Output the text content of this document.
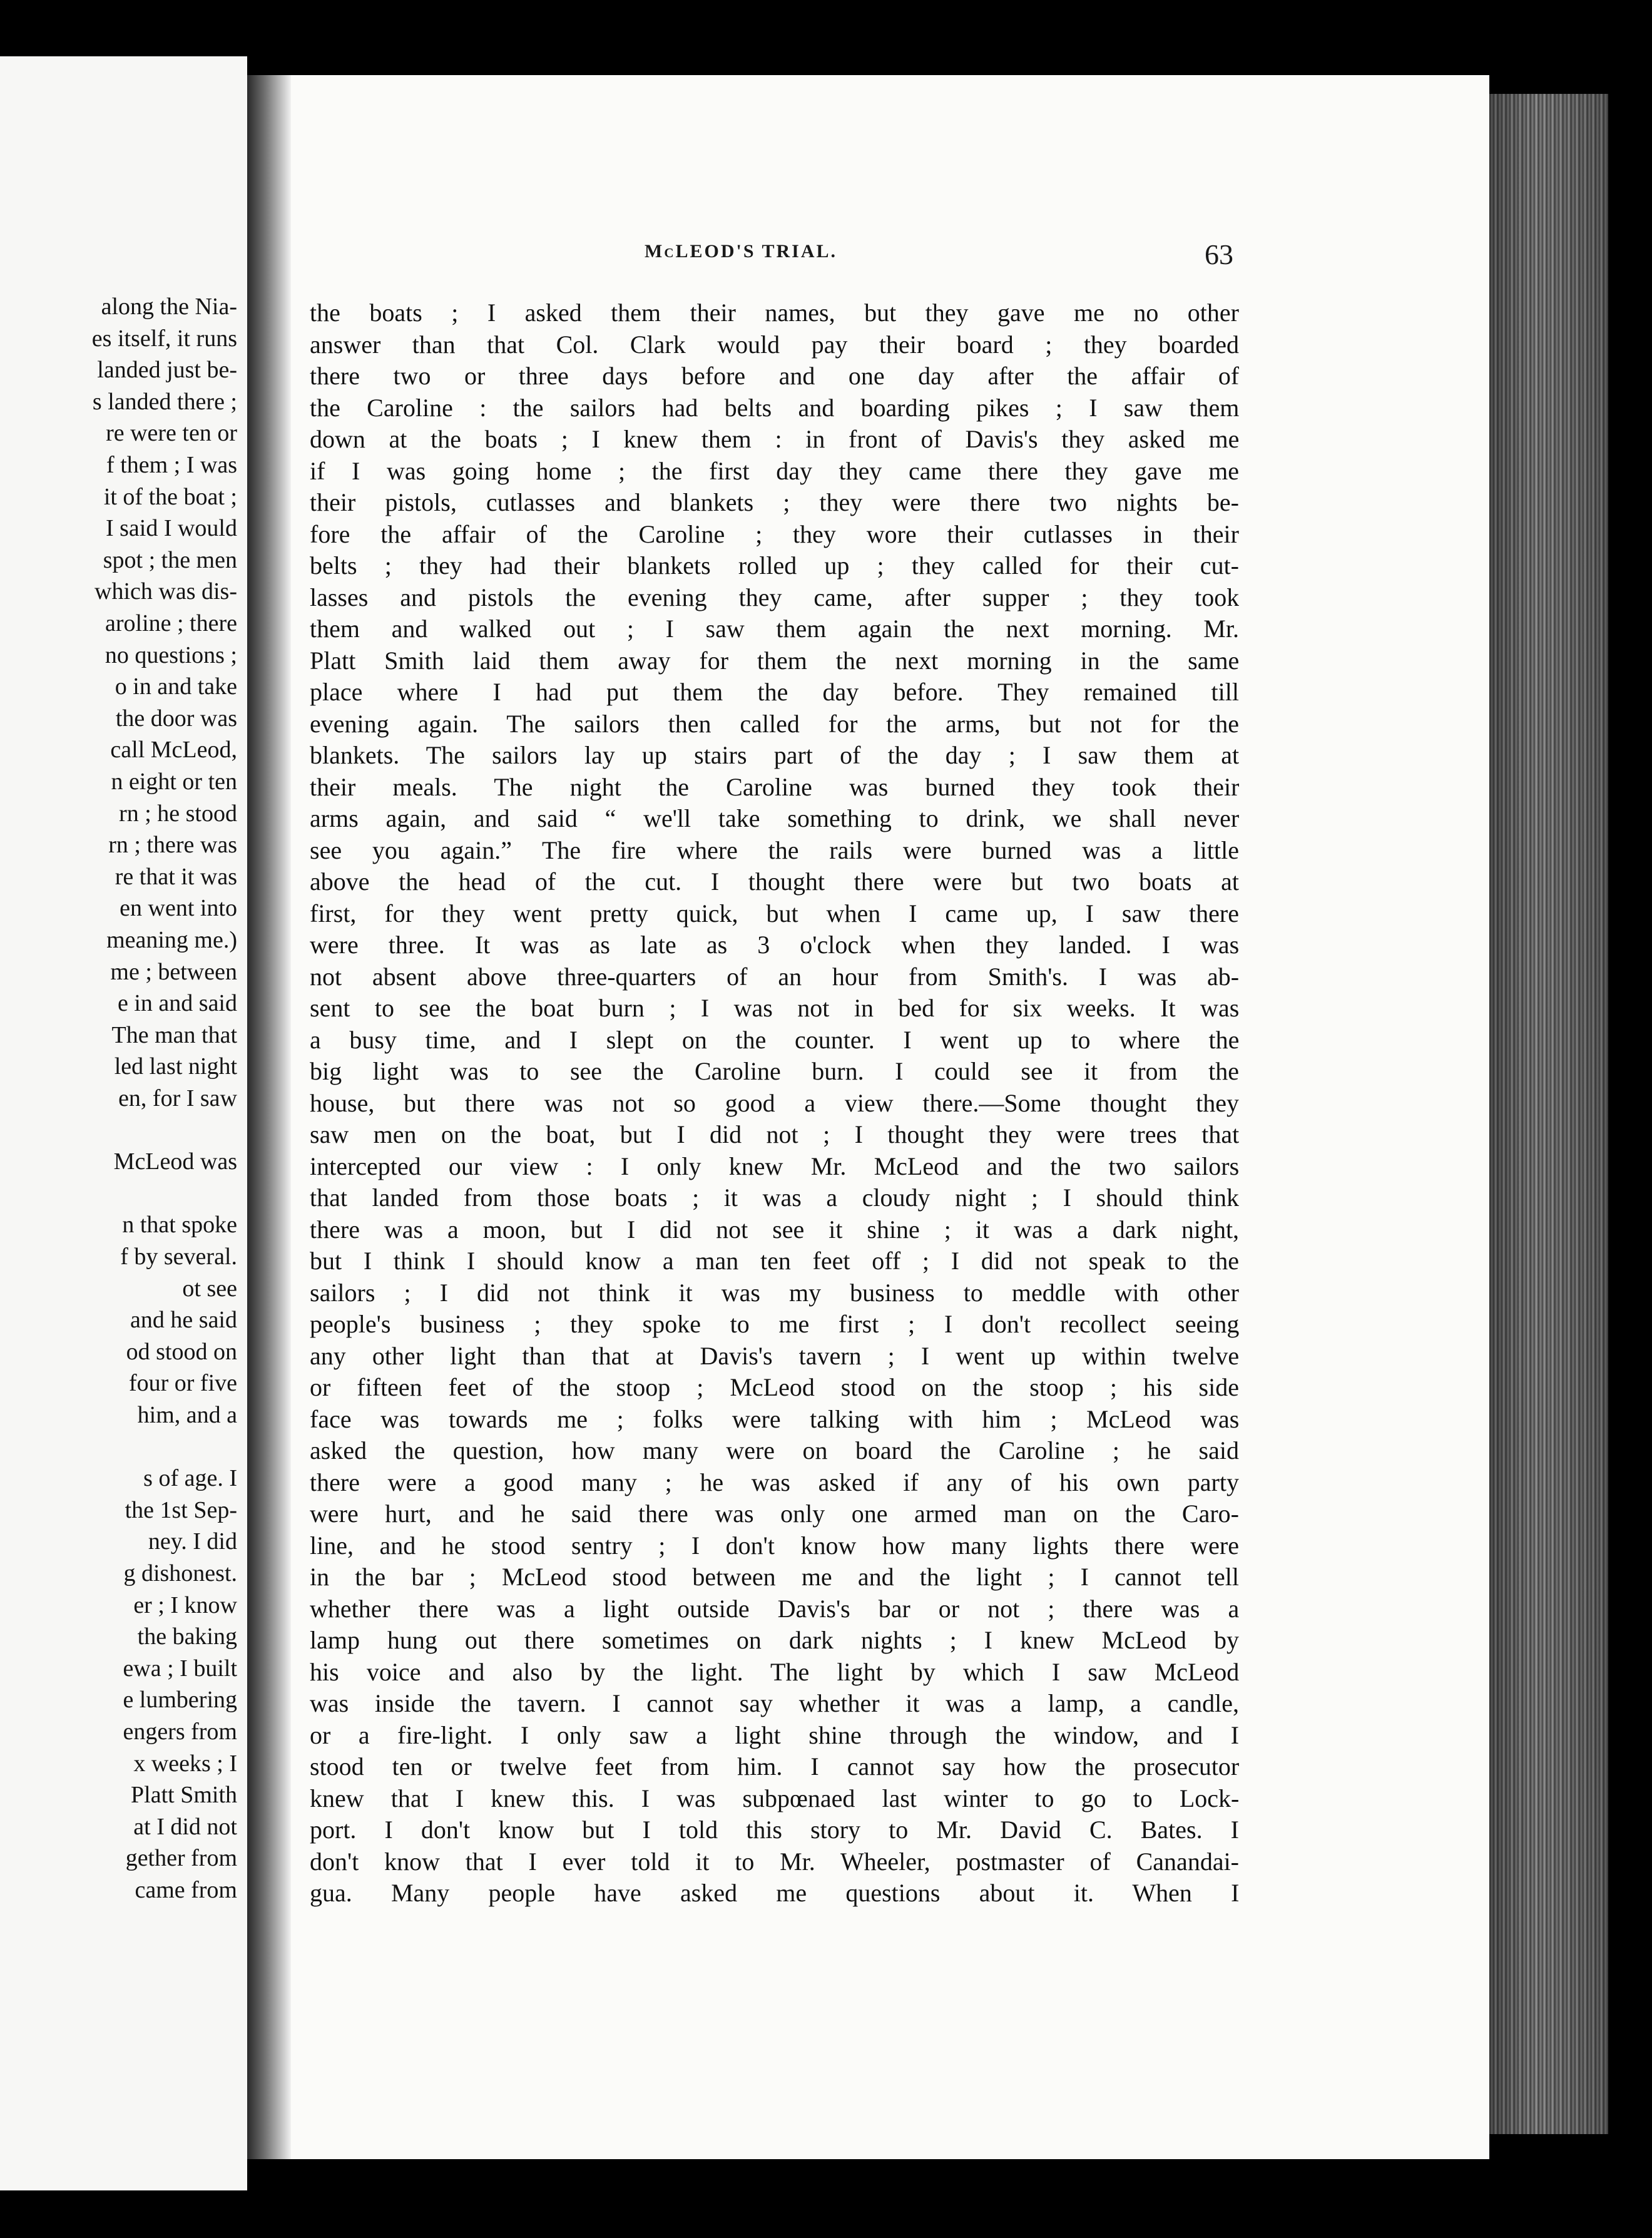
along the Nia-
es itself, it runs
landed just be-
s landed there ;
re were ten or
f them ; I was
it of the boat ;
I said I would
spot ; the men
which was dis-
aroline ; there
no questions ;
o in and take
the door was
call McLeod,
n eight or ten
rn ; he stood
rn ; there was
re that it was
en went into
meaning me.)
me ; between
e in and said
The man that
led last night
en, for I saw
McLeod was
n that spoke
f by several.
ot see
and he said
od stood on
four or five
him, and a
s of age. I
the 1st Sep-
ney. I did
g dishonest.
er ; I know
the baking
ewa ; I built
e lumbering
engers from
x weeks ; I
Platt Smith
at I did not
gether from
came from
McLEOD'S TRIAL.	63
the boats ; I asked them their names, but they gave me no other
answer than that Col. Clark would pay their board ; they boarded
there two or three days before and one day after the affair of
the Caroline : the sailors had belts and boarding pikes ; I saw them
down at the boats ; I knew them : in front of Davis's they asked me
if I was going home ; the first day they came there they gave me
their pistols, cutlasses and blankets ; they were there two nights be-
fore the affair of the Caroline ; they wore their cutlasses in their
belts ; they had their blankets rolled up ; they called for their cut-
lasses and pistols the evening they came, after supper ; they took
them and walked out ; I saw them again the next morning. Mr.
Platt Smith laid them away for them the next morning in the same
place where I had put them the day before. They remained till
evening again. The sailors then called for the arms, but not for the
blankets. The sailors lay up stairs part of the day ; I saw them at
their meals. The night the Caroline was burned they took their
arms again, and said “ we'll take something to drink, we shall never
see you again.” The fire where the rails were burned was a little
above the head of the cut. I thought there were but two boats at
first, for they went pretty quick, but when I came up, I saw there
were three. It was as late as 3 o'clock when they landed. I was
not absent above three-quarters of an hour from Smith's. I was ab-
sent to see the boat burn ; I was not in bed for six weeks. It was
a busy time, and I slept on the counter. I went up to where the
big light was to see the Caroline burn. I could see it from the
house, but there was not so good a view there.—Some thought they
saw men on the boat, but I did not ; I thought they were trees that
intercepted our view : I only knew Mr. McLeod and the two sailors
that landed from those boats ; it was a cloudy night ; I should think
there was a moon, but I did not see it shine ; it was a dark night,
but I think I should know a man ten feet off ; I did not speak to the
sailors ; I did not think it was my business to meddle with other
people's business ; they spoke to me first ; I don't recollect seeing
any other light than that at Davis's tavern ; I went up within twelve
or fifteen feet of the stoop ; McLeod stood on the stoop ; his side
face was towards me ; folks were talking with him ; McLeod was
asked the question, how many were on board the Caroline ; he said
there were a good many ; he was asked if any of his own party
were hurt, and he said there was only one armed man on the Caro-
line, and he stood sentry ; I don't know how many lights there were
in the bar ; McLeod stood between me and the light ; I cannot tell
whether there was a light outside Davis's bar or not ; there was a
lamp hung out there sometimes on dark nights ; I knew McLeod by
his voice and also by the light. The light by which I saw McLeod
was inside the tavern. I cannot say whether it was a lamp, a candle,
or a fire-light. I only saw a light shine through the window, and I
stood ten or twelve feet from him. I cannot say how the prosecutor
knew that I knew this. I was subpœnaed last winter to go to Lock-
port. I don't know but I told this story to Mr. David C. Bates. I
don't know that I ever told it to Mr. Wheeler, postmaster of Canandai-
gua. Many people have asked me questions about it. When I
